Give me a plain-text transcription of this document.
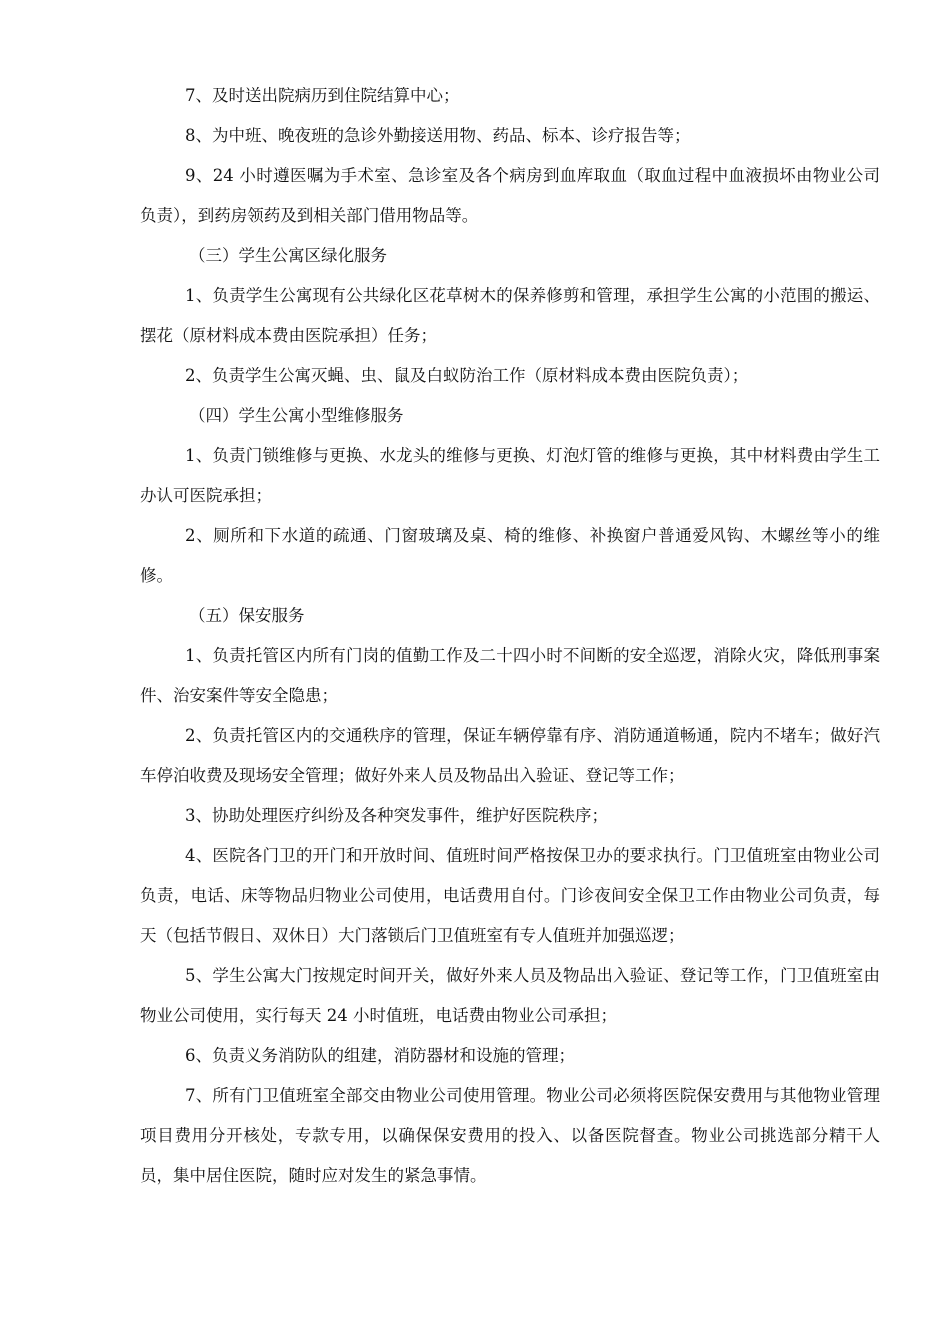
7、及时送出院病历到住院结算中心；

8、为中班、晚夜班的急诊外勤接送用物、药品、标本、诊疗报告等；

9、24 小时遵医嘱为手术室、急诊室及各个病房到血库取血（取血过程中血液损坏由物业公司负责），到药房领药及到相关部门借用物品等。

（三）学生公寓区绿化服务

1、负责学生公寓现有公共绿化区花草树木的保养修剪和管理，承担学生公寓的小范围的搬运、摆花（原材料成本费由医院承担）任务；

2、负责学生公寓灭蝇、虫、鼠及白蚁防治工作（原材料成本费由医院负责）；

（四）学生公寓小型维修服务

1、负责门锁维修与更换、水龙头的维修与更换、灯泡灯管的维修与更换，其中材料费由学生工办认可医院承担；

2、厕所和下水道的疏通、门窗玻璃及桌、椅的维修、补换窗户普通爱风钩、木螺丝等小的维修。

（五）保安服务

1、负责托管区内所有门岗的值勤工作及二十四小时不间断的安全巡逻，消除火灾，降低刑事案件、治安案件等安全隐患；

2、负责托管区内的交通秩序的管理，保证车辆停靠有序、消防通道畅通，院内不堵车；做好汽车停泊收费及现场安全管理；做好外来人员及物品出入验证、登记等工作；

3、协助处理医疗纠纷及各种突发事件，维护好医院秩序；

4、医院各门卫的开门和开放时间、值班时间严格按保卫办的要求执行。门卫值班室由物业公司负责，电话、床等物品归物业公司使用，电话费用自付。门诊夜间安全保卫工作由物业公司负责，每天（包括节假日、双休日）大门落锁后门卫值班室有专人值班并加强巡逻；

5、学生公寓大门按规定时间开关，做好外来人员及物品出入验证、登记等工作，门卫值班室由物业公司使用，实行每天 24 小时值班，电话费由物业公司承担；

6、负责义务消防队的组建，消防器材和设施的管理；

7、所有门卫值班室全部交由物业公司使用管理。物业公司必须将医院保安费用与其他物业管理项目费用分开核处，专款专用，以确保保安费用的投入、以备医院督查。物业公司挑选部分精干人员，集中居住医院，随时应对发生的紧急事情。
